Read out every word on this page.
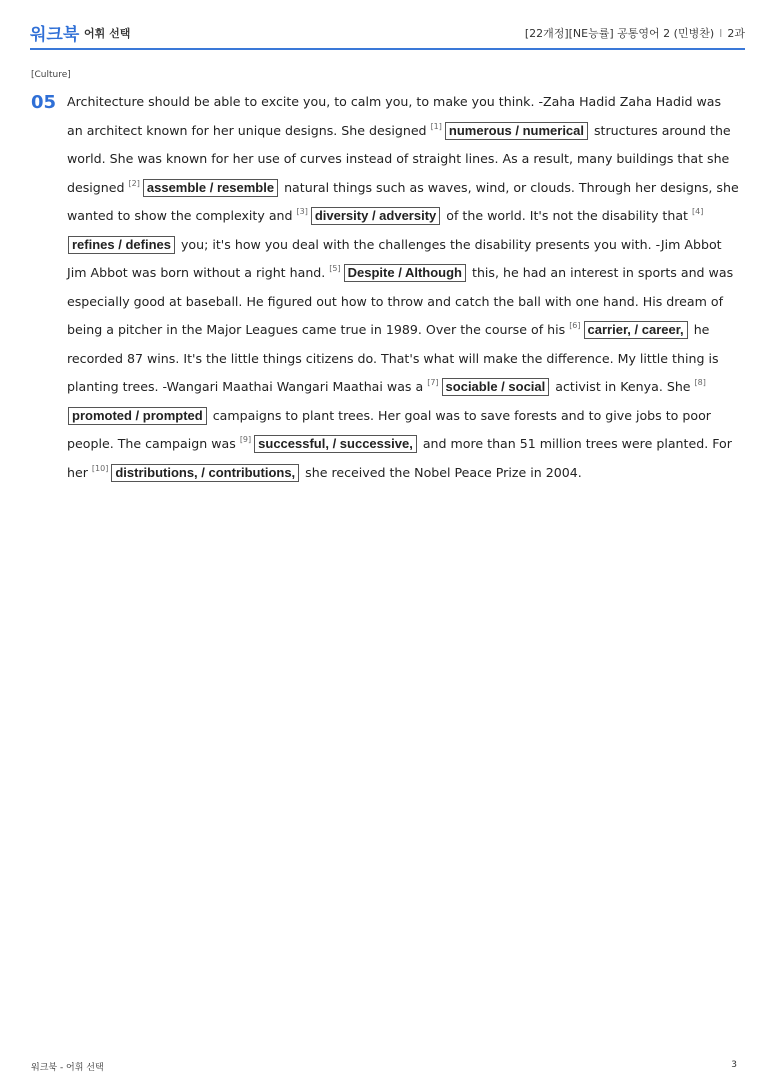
워크북 어휘 선택	[22개정][NE능률] 공통영어 2 (민병찬) I 2과
[Culture]
05 Architecture should be able to excite you, to calm you, to make you think. -Zaha Hadid Zaha Hadid was an architect known for her unique designs. She designed [1] numerous / numerical structures around the world. She was known for her use of curves instead of straight lines. As a result, many buildings that she designed [2] assemble / resemble natural things such as waves, wind, or clouds. Through her designs, she wanted to show the complexity and [3] diversity / adversity of the world. It's not the disability that [4]refines / defines you; it's how you deal with the challenges the disability presents you with. -Jim Abbot Jim Abbot was born without a right hand. [5] Despite / Although this, he had an interest in sports and was especially good at baseball. He figured out how to throw and catch the ball with one hand. His dream of being a pitcher in the Major Leagues came true in 1989. Over the course of his [6] carrier, / career, he recorded 87 wins. It's the little things citizens do. That's what will make the difference. My little thing is planting trees. -Wangari Maathai Wangari Maathai was a [7] sociable / social activist in Kenya. She [8]promoted / prompted campaigns to plant trees. Her goal was to save forests and to give jobs to poor people. The campaign was [9] successful, / successive, and more than 51 million trees were planted. For her [10] distributions, / contributions, she received the Nobel Peace Prize in 2004.
워크북 - 어휘 선택	3
